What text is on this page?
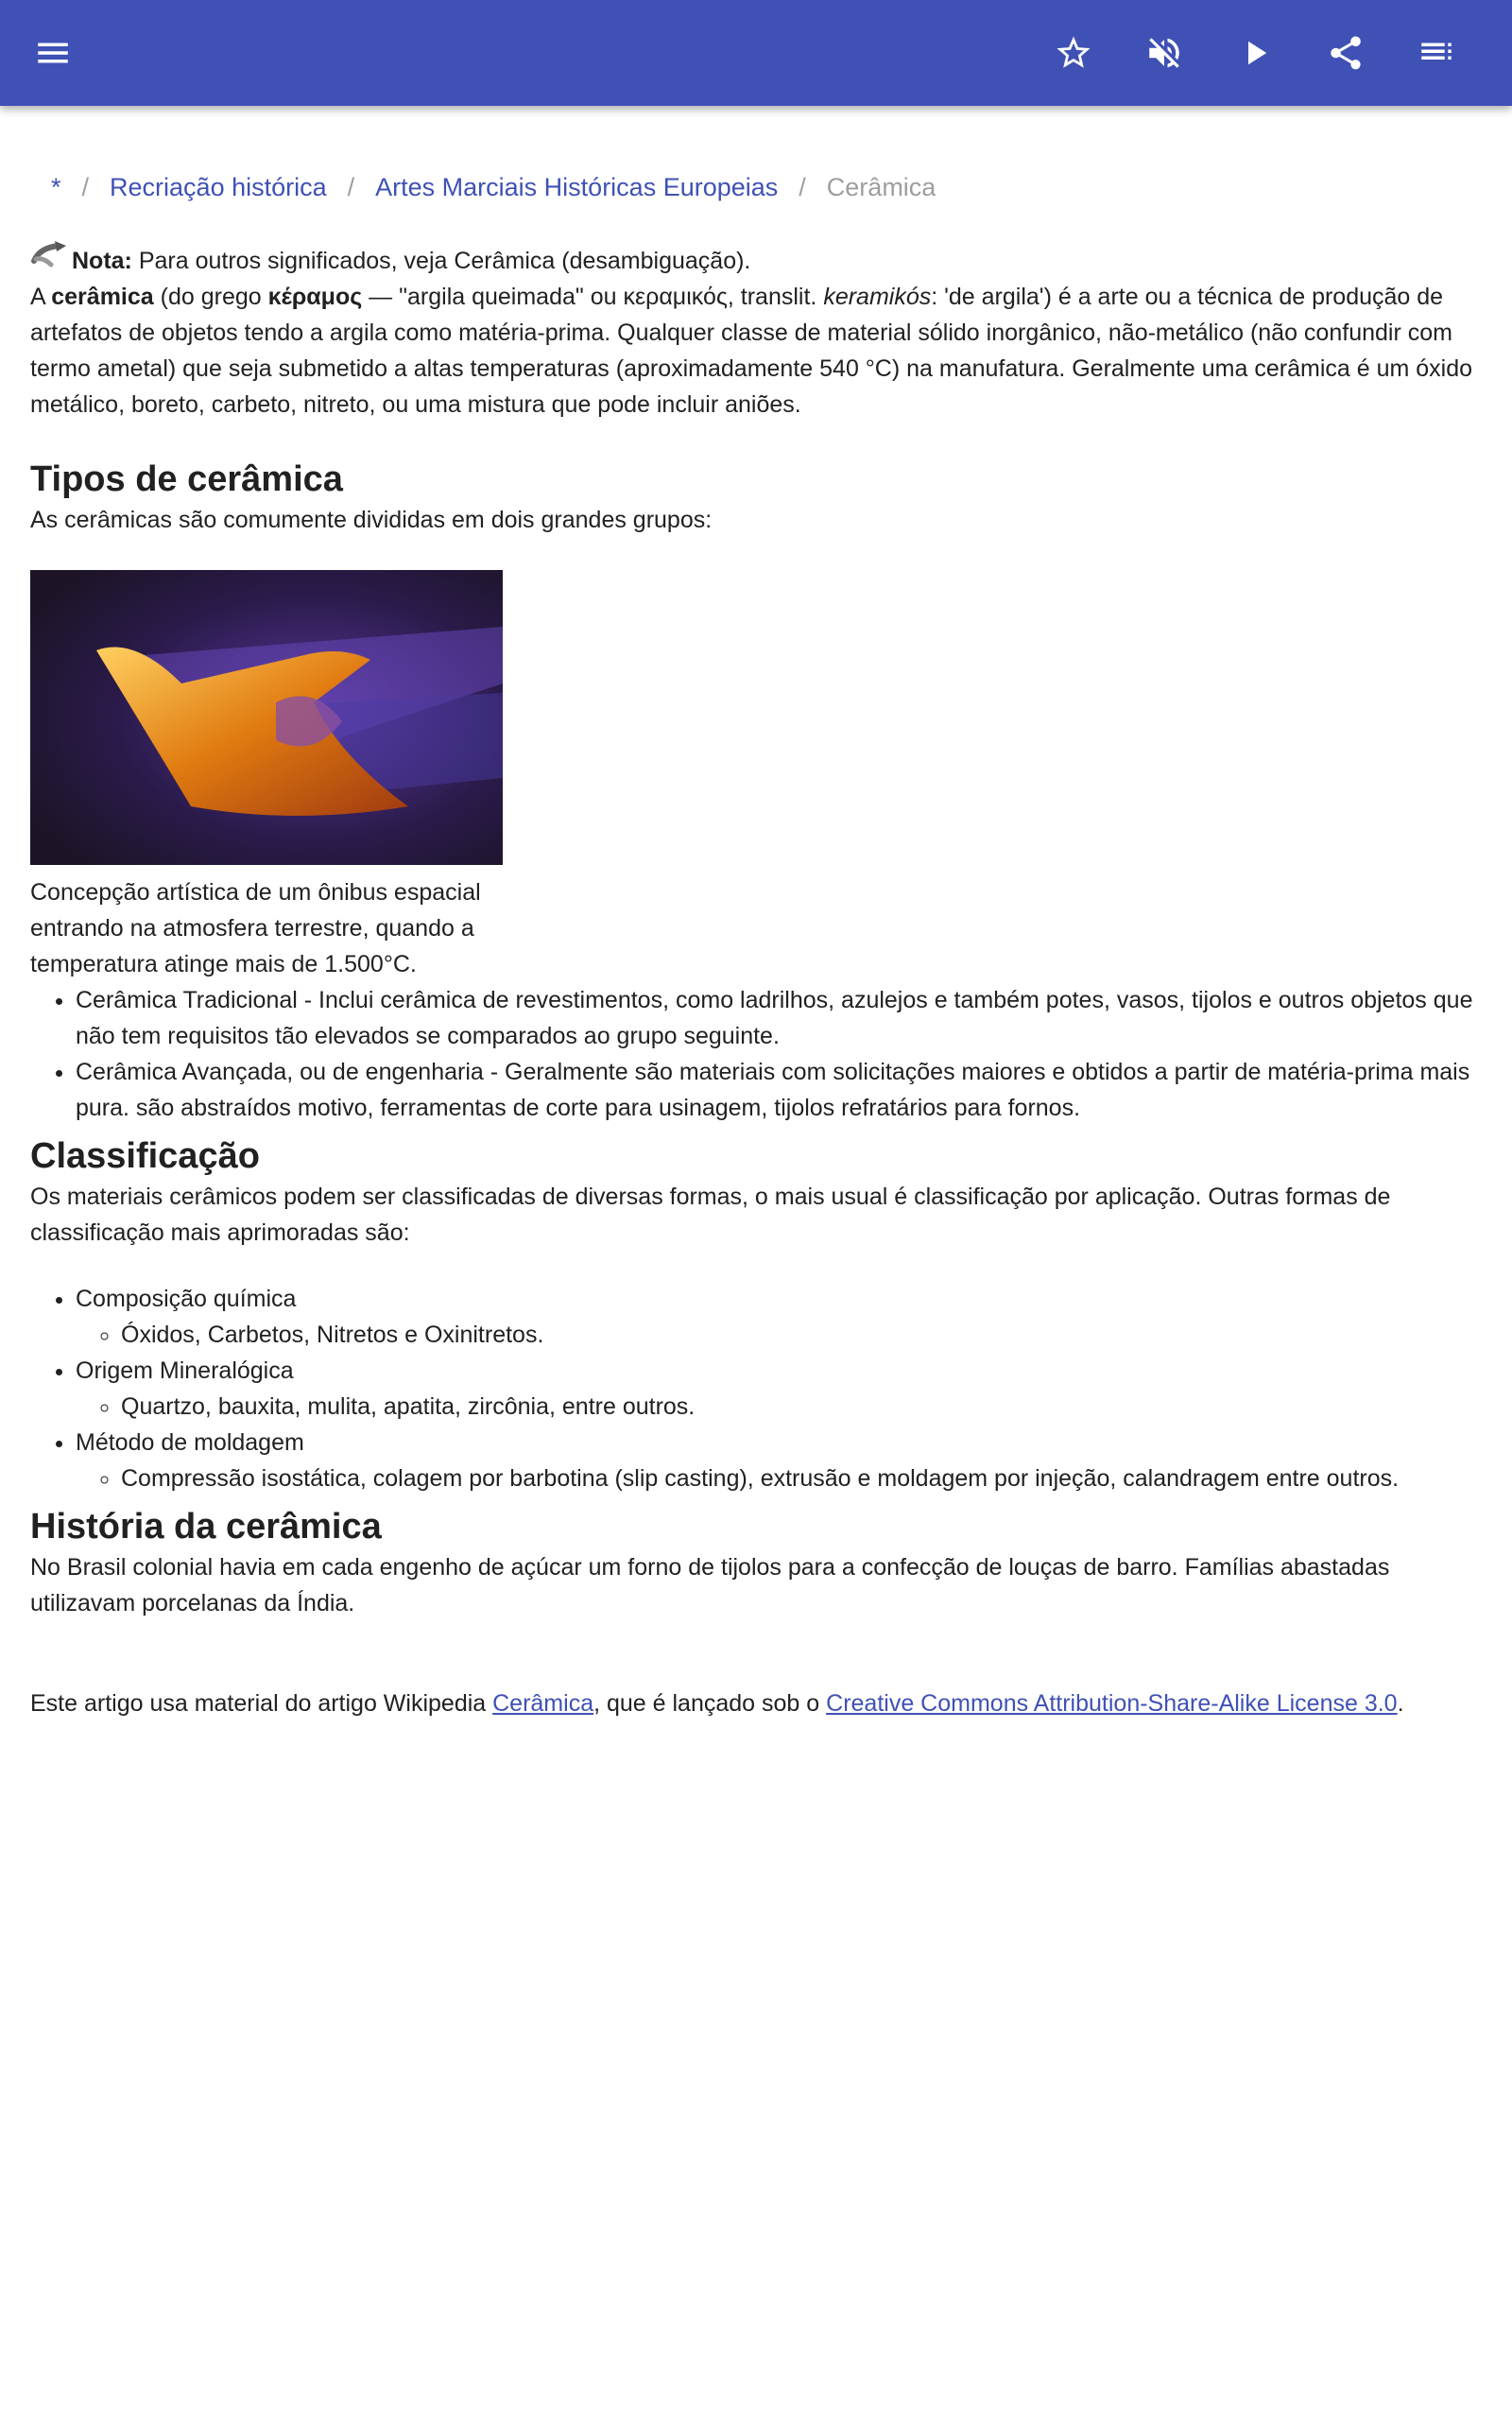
* / Recriação histórica / Artes Marciais Históricas Europeias / Cerâmica

Nota: Para outros significados, veja Cerâmica (desambiguação).

A cerâmica (do grego κέραμος — "argila queimada" ou κεραμικός, translit. keramikós: 'de argila') é a arte ou a técnica de produção de artefatos de objetos tendo a argila como matéria-prima. Qualquer classe de material sólido inorgânico, não-metálico (não confundir com termo ametal) que seja submetido a altas temperaturas (aproximadamente 540 °C) na manufatura. Geralmente uma cerâmica é um óxido metálico, boreto, carbeto, nitreto, ou uma mistura que pode incluir aniões.

Tipos de cerâmica

As cerâmicas são comumente divididas em dois grandes grupos:

Concepção artística de um ônibus espacial entrando na atmosfera terrestre, quando a temperatura atinge mais de 1.500°C.

• Cerâmica Tradicional - Inclui cerâmica de revestimentos, como ladrilhos, azulejos e também potes, vasos, tijolos e outros objetos que não tem requisitos tão elevados se comparados ao grupo seguinte.
• Cerâmica Avançada, ou de engenharia - Geralmente são materiais com solicitações maiores e obtidos a partir de matéria-prima mais pura. são abstraídos motivo, ferramentas de corte para usinagem, tijolos refratários para fornos.
Classificação

Os materiais cerâmicos podem ser classificadas de diversas formas, o mais usual é classificação por aplicação. Outras formas de classificação mais aprimoradas são:

• Composição química
◦ Óxidos, Carbetos, Nitretos e Oxinitretos.
• Origem Mineralógica
◦ Quartzo, bauxita, mulita, apatita, zircônia, entre outros.
• Método de moldagem
◦ Compressão isostática, colagem por barbotina (slip casting), extrusão e moldagem por injeção, calandragem entre outros.
História da cerâmica

No Brasil colonial havia em cada engenho de açúcar um forno de tijolos para a confecção de louças de barro. Famílias abastadas utilizavam porcelanas da Índia.

Este artigo usa material do artigo Wikipedia Cerâmica, que é lançado sob o Creative Commons Attribution-Share-Alike License 3.0.
